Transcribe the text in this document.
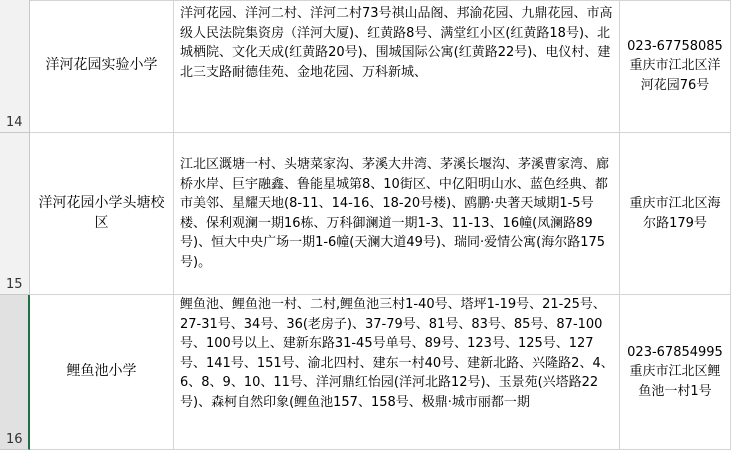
14
洋河花园实验小学
洋河花园、洋河二村、洋河二村73号祺山品阁、邦渝花园、九鼎花园、市高级人民法院集资房（洋河大厦)、红黄路8号、满堂红小区(红黄路18号)、北城栖院、文化天成(红黄路20号)、围城国际公寓(红黄路22号)、电仪村、建北三支路耐德佳苑、金地花园、万科新城、
023-67758085
重庆市江北区洋河花园76号
15
洋河花园小学头塘校区
江北区溉塘一村、头塘菜家沟、茅溪大井湾、茅溪长堰沟、茅溪曹家湾、廊桥水岸、巨宇融鑫、鲁能星城第8、10街区、中亿阳明山水、蓝色经典、都市美邻、星耀天地(8-11、14-16、18-20号楼)、鸥鹏·央著天域期1-5号楼、保利观澜一期16栋、万科御澜道一期1-3、11-13、16幢(凤澜路89号)、恒大中央广场一期1-6幢(天澜大道49号)、瑞同·爱情公寓(海尔路175号)。
重庆市江北区海尔路179号
16
鲤鱼池小学
鲤鱼池、鲤鱼池一村、二村,鲤鱼池三村1-40号、塔坪1-19号、21-25号、27-31号、34号、36(老房子)、37-79号、81号、83号、85号、87-100号、100号以上、建新东路31-45号单号、89号、123号、125号、127号、141号、151号、渝北四村、建东一村40号、建新北路、兴隆路2、4、6、8、9、10、11号、洋河鼎红怡园(洋河北路12号)、玉景苑(兴塔路22号)、森柯自然印象(鲤鱼池157、158号、极鼎·城市丽都一期
023-67854995
重庆市江北区鲤鱼池一村1号
